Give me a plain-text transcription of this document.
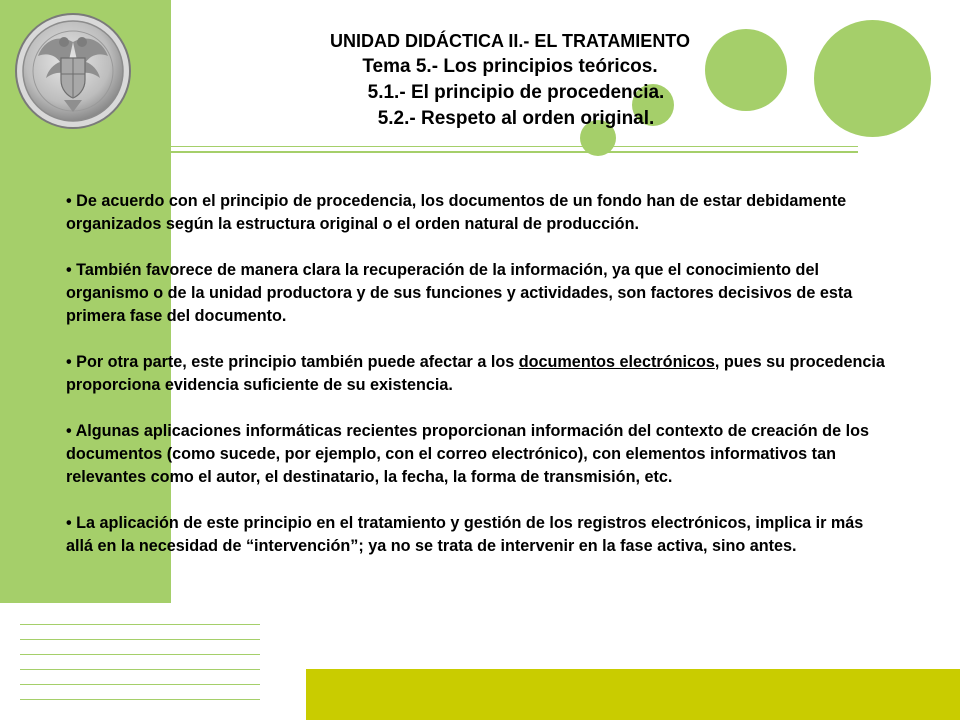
UNIDAD DIDÁCTICA II.- EL TRATAMIENTO
Tema 5.- Los principios teóricos.
5.1.- El principio de procedencia.
5.2.- Respeto al orden original.

• De acuerdo con el principio de procedencia, los documentos de un fondo han de estar debidamente organizados según la estructura original o el orden natural de producción.

• También favorece de manera clara la recuperación de la información, ya que el conocimiento del organismo o de la unidad productora y de sus funciones y actividades, son factores decisivos de esta primera fase del documento.

• Por otra parte, este principio también puede afectar a los documentos electrónicos, pues su procedencia proporciona evidencia suficiente de su existencia.

• Algunas aplicaciones informáticas recientes proporcionan información del contexto de creación de los documentos (como sucede, por ejemplo, con el correo electrónico), con elementos informativos tan relevantes como el autor, el destinatario, la fecha, la forma de transmisión, etc.

• La aplicación de este principio en el tratamiento y gestión de los registros electrónicos, implica ir más allá en la necesidad de “intervención”; ya no se trata de intervenir en la fase activa, sino antes.
